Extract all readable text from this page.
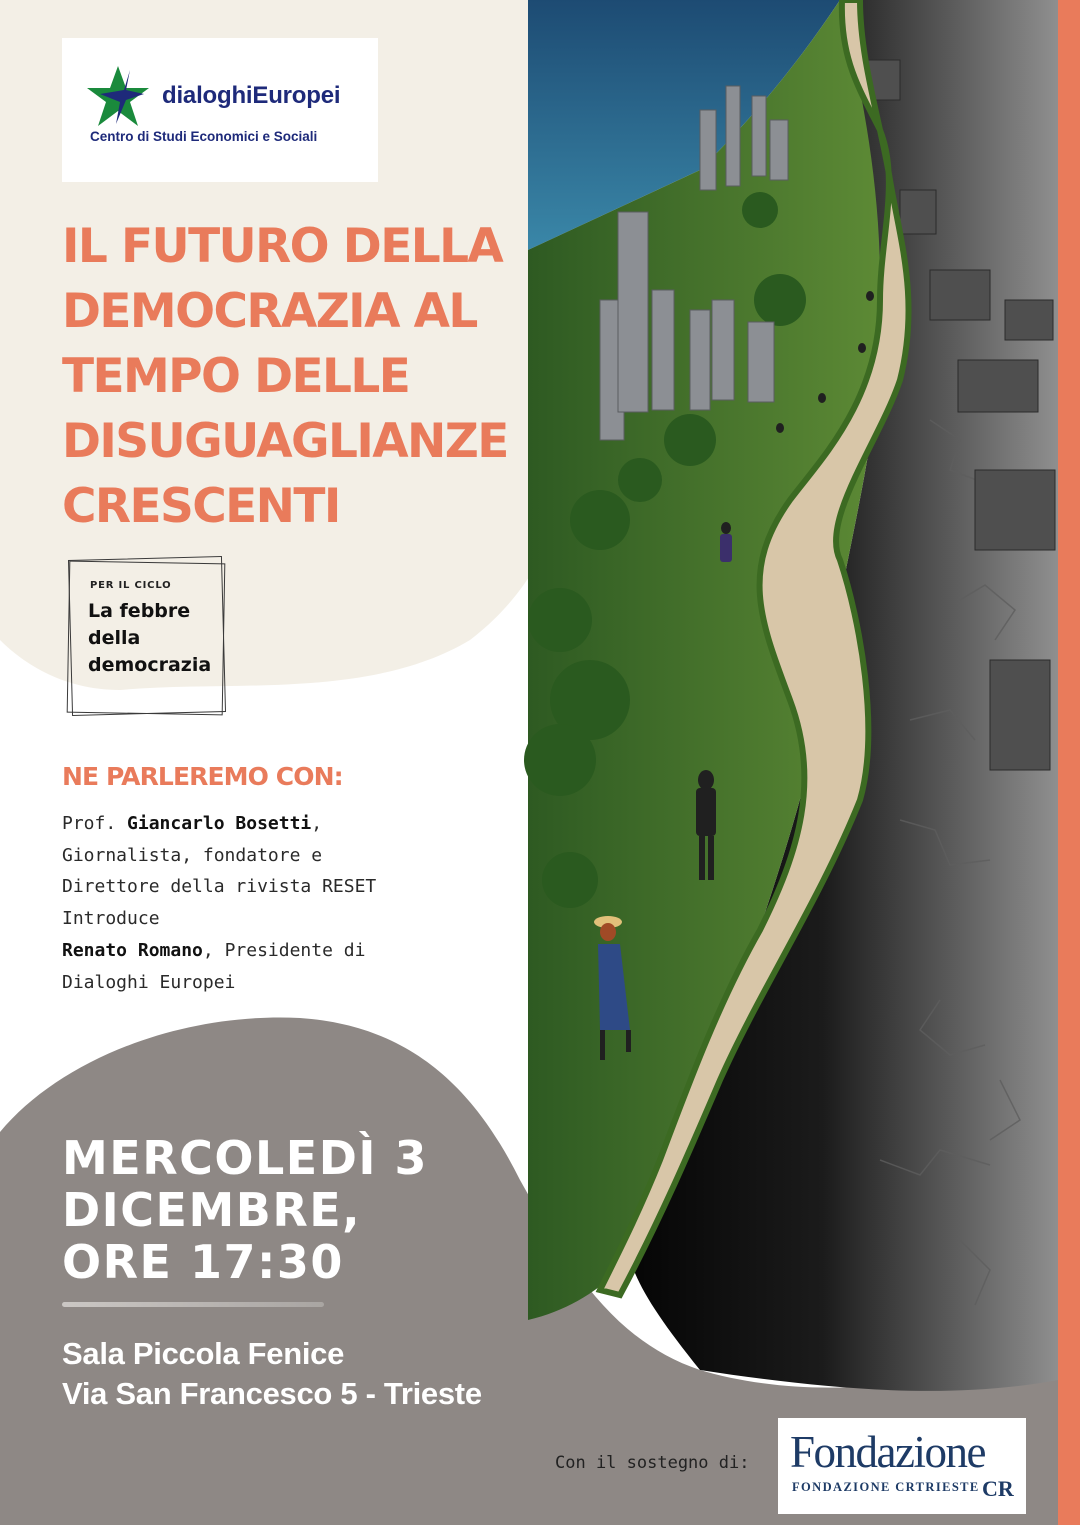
dialoghiEuropei
Centro di Studi Economici e Sociali
IL FUTURO DELLA
DEMOCRAZIA AL
TEMPO DELLE
DISUGUAGLIANZE
CRESCENTI
PER IL CICLO
La febbre
della
democrazia
NE PARLEREMO CON:
Prof. Giancarlo Bosetti,
Giornalista, fondatore e
Direttore della rivista RESET
Introduce
Renato Romano, Presidente di
Dialoghi Europei
MERCOLEDÌ 3
DICEMBRE,
ORE 17:30
Sala Piccola Fenice
Via San Francesco 5 - Trieste
Con il sostegno di: Fondazione
FONDAZIONE CRTRIESTE CR
